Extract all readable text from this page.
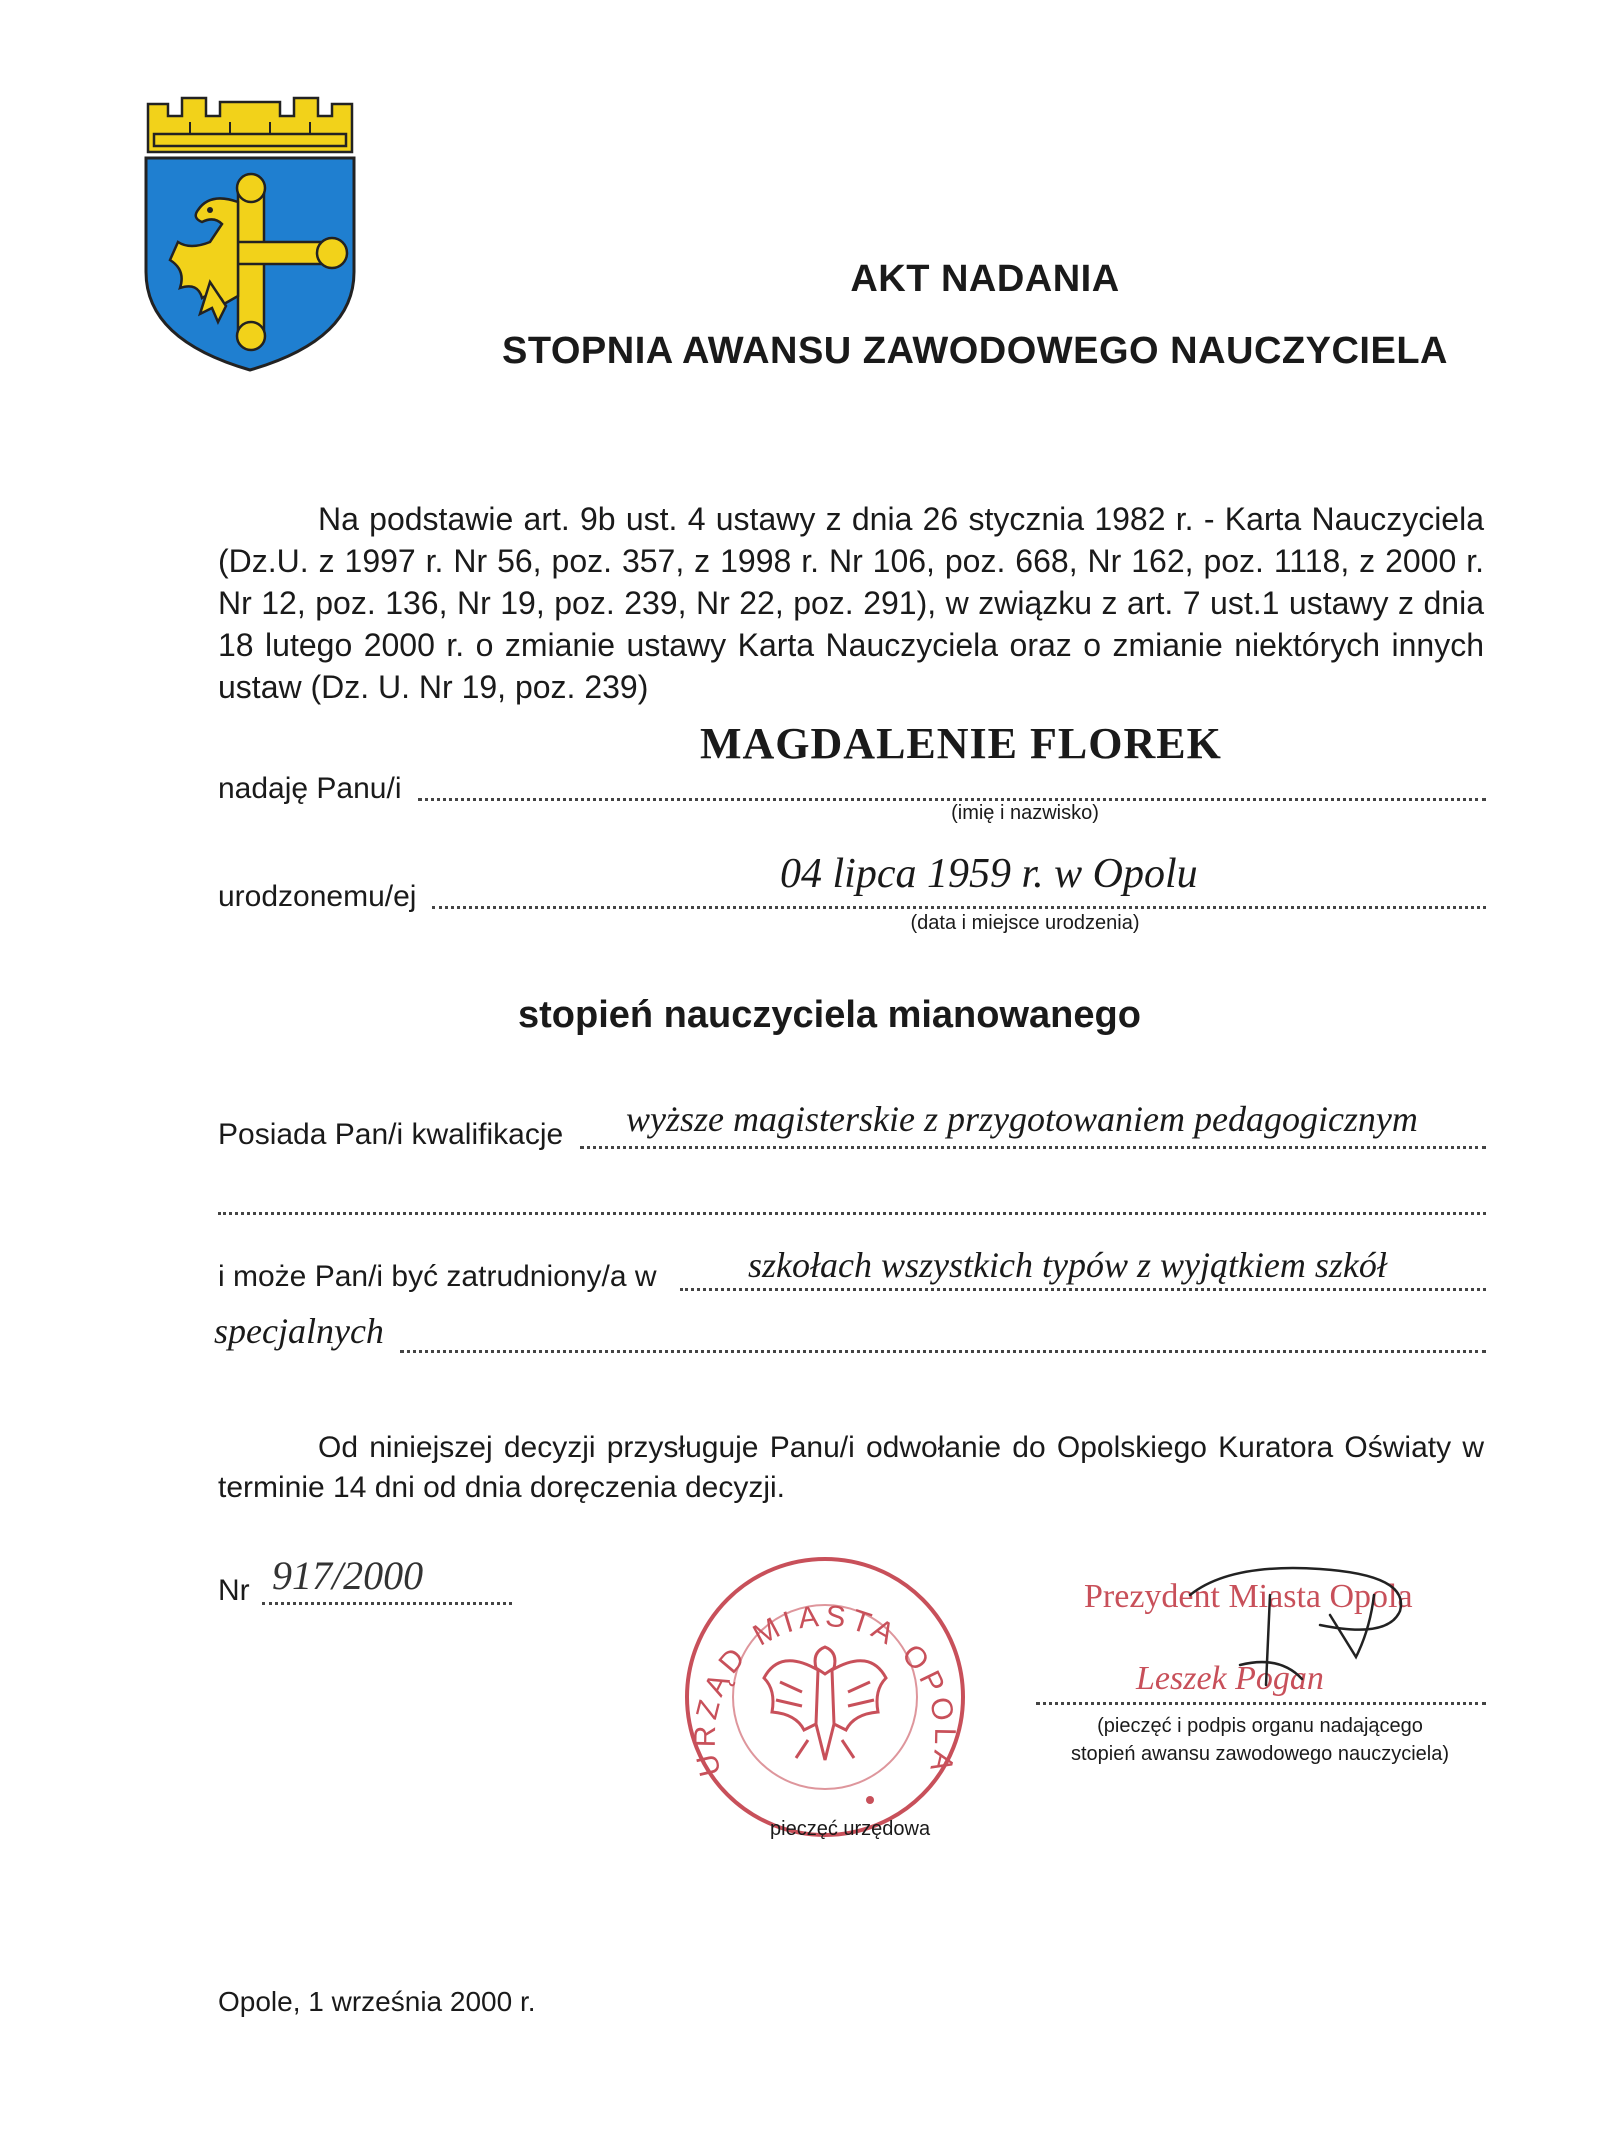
AKT NADANIA
STOPNIA AWANSU ZAWODOWEGO NAUCZYCIELA

Na podstawie art. 9b ust. 4 ustawy z dnia 26 stycznia 1982 r. - Karta Nauczyciela (Dz.U. z 1997 r. Nr 56, poz. 357, z 1998 r. Nr 106, poz. 668, Nr 162, poz. 1118, z 2000 r. Nr 12, poz. 136, Nr 19, poz. 239, Nr 22, poz. 291), w związku z art. 7 ust.1 ustawy z dnia 18 lutego 2000 r. o zmianie ustawy Karta Nauczyciela oraz o zmianie niektórych innych ustaw (Dz. U. Nr 19, poz. 239)

MAGDALENIE FLOREK
nadaję Panu/i
(imię i nazwisko)
04 lipca 1959 r. w Opolu
urodzonemu/ej
(data i miejsce urodzenia)
stopień nauczyciela mianowanego
Posiada Pan/i kwalifikacje wyższe magisterskie z przygotowaniem pedagogicznym
i może Pan/i być zatrudniony/a w	szkołach wszystkich typów z wyjątkiem szkół
specjalnych

Od niniejszej decyzji przysługuje Panu/i odwołanie do Opolskiego Kuratora Oświaty w terminie 14 dni od dnia doręczenia decyzji.

Nr 917/2000
URZĄD MIASTA OPOLA
pieczęć urzędowa
Prezydent Miasta Opola
Leszek Pogan
(pieczęć i podpis organu nadającego
stopień awansu zawodowego nauczyciela)
Opole, 1 września 2000 r.
